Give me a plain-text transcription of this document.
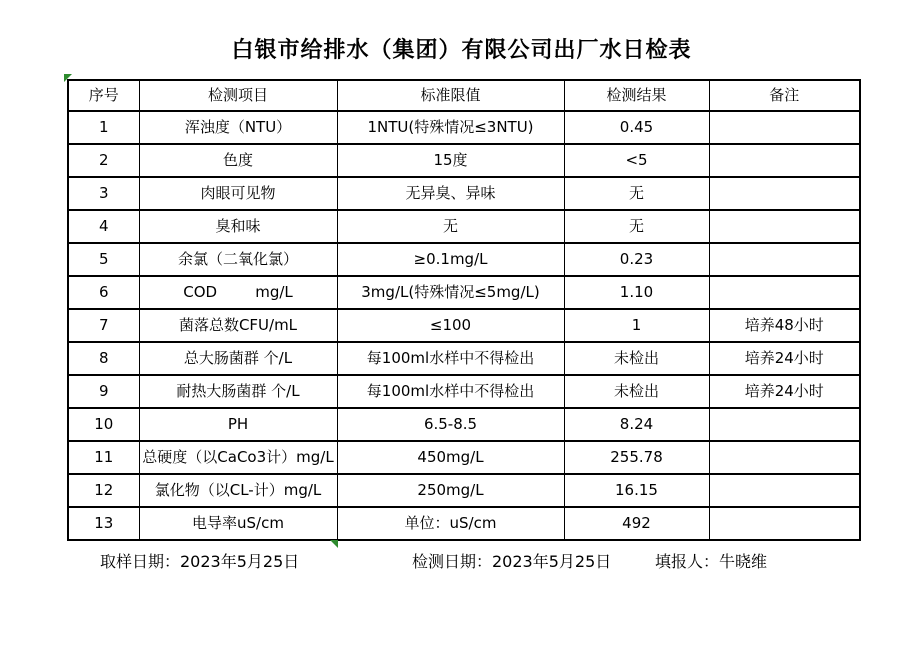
白银市给排水（集团）有限公司出厂水日检表
序号	检测项目	标准限值	检测结果	备注
1	浑浊度（NTU）	1NTU(特殊情况≤3NTU)	0.45	
2	色度	15度	<5	
3	肉眼可见物	无异臭、异味	无	
4	臭和味	无	无	
5	余氯（二氧化氯）	≥0.1mg/L	0.23	
6	COD        mg/L	3mg/L(特殊情况≤5mg/L)	1.10	
7	菌落总数CFU/mL	≤100	1	培养48小时
8	总大肠菌群 个/L	每100ml水样中不得检出	未检出	培养24小时
9	耐热大肠菌群 个/L	每100ml水样中不得检出	未检出	培养24小时
10	PH	6.5-8.5	8.24	
11	总硬度（以CaCo3计）mg/L	450mg/L	255.78	
12	氯化物（以CL-计）mg/L	250mg/L	16.15	
13	电导率uS/cm	单位：uS/cm	492	
取样日期：2023年5月25日	检测日期：2023年5月25日	填报人：牛晓维
